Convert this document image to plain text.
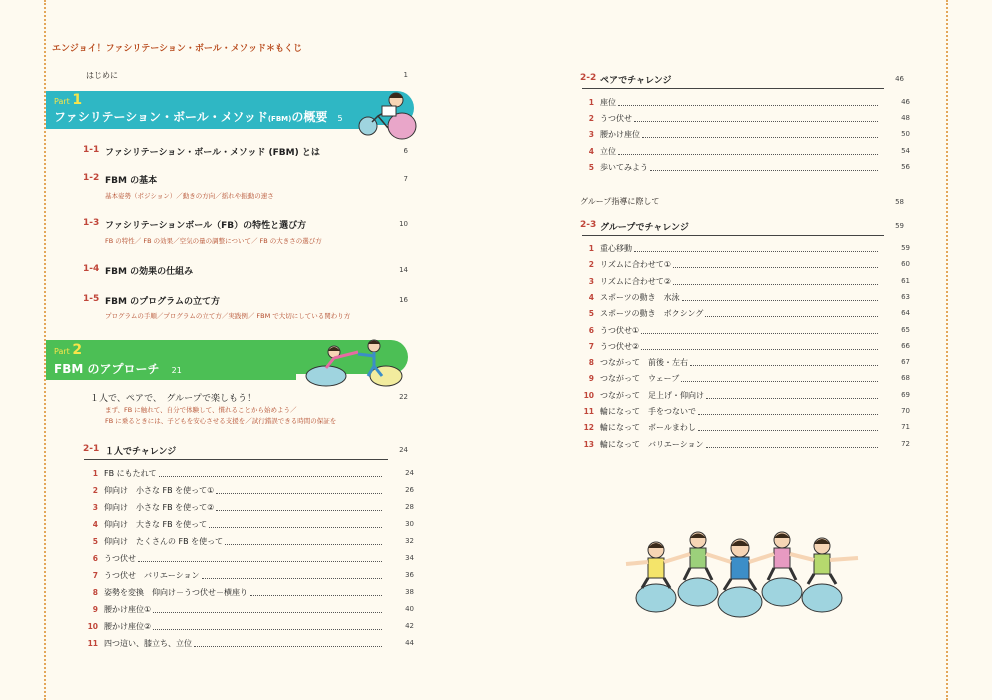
エンジョイ！ファシリテーション・ボール・メソッド＊もくじ
はじめに	1
Part 1
ファシリテーション・ボール・メソッド(FBM)の概要 5
1-1 ファシリテーション・ボール・メソッド (FBM) とは	6
1-2 FBM の基本	7
基本姿勢（ポジション）／動きの方向／揺れや振動の速さ
1-3 ファシリテーションボール（FB）の特性と選び方	10
FB の特性／ FB の効果／空気の量の調整について／ FB の大きさの選び方
1-4 FBM の効果の仕組み	14
1-5 FBM のプログラムの立て方	16
プログラムの手順／プログラムの立て方／実践例／ FBM で大切にしている関わり方
Part 2
FBM のアプローチ 21
１人で、ペアで、　グループで楽しもう！	22
まず、FB に触れて、自分で体験して、慣れることから始めよう／
FB に乗るときには、子どもを安心させる支援を／試行錯誤できる時間の保証を
2-1 １人でチャレンジ	24
1 FB にもたれて	24
2 仰向け　小さな FB を使って①	26
3 仰向け　小さな FB を使って②	28
4 仰向け　大きな FB を使って	30
5 仰向け　たくさんの FB を使って	32
6 うつ伏せ	34
7 うつ伏せ　バリエーション	36
8 姿勢を変換　仰向け－うつ伏せ－横座り	38
9 腰かけ座位①	40
10 腰かけ座位②	42
11 四つ這い、膝立ち、立位	44
2-2 ペアでチャレンジ	46
1 座位	46
2 うつ伏せ	48
3 腰かけ座位	50
4 立位	54
5 歩いてみよう	56
グループ指導に際して	58
2-3 グループでチャレンジ	59
1 重心移動	59
2 リズムに合わせて①	60
3 リズムに合わせて②	61
4 スポーツの動き　水泳	63
5 スポーツの動き　ボクシング	64
6 うつ伏せ①	65
7 うつ伏せ②	66
8 つながって　前後・左右	67
9 つながって　ウェーブ	68
10 つながって　足上げ・仰向け	69
11 輪になって　手をつないで	70
12 輪になって　ボールまわし	71
13 輪になって　バリエーション	72
